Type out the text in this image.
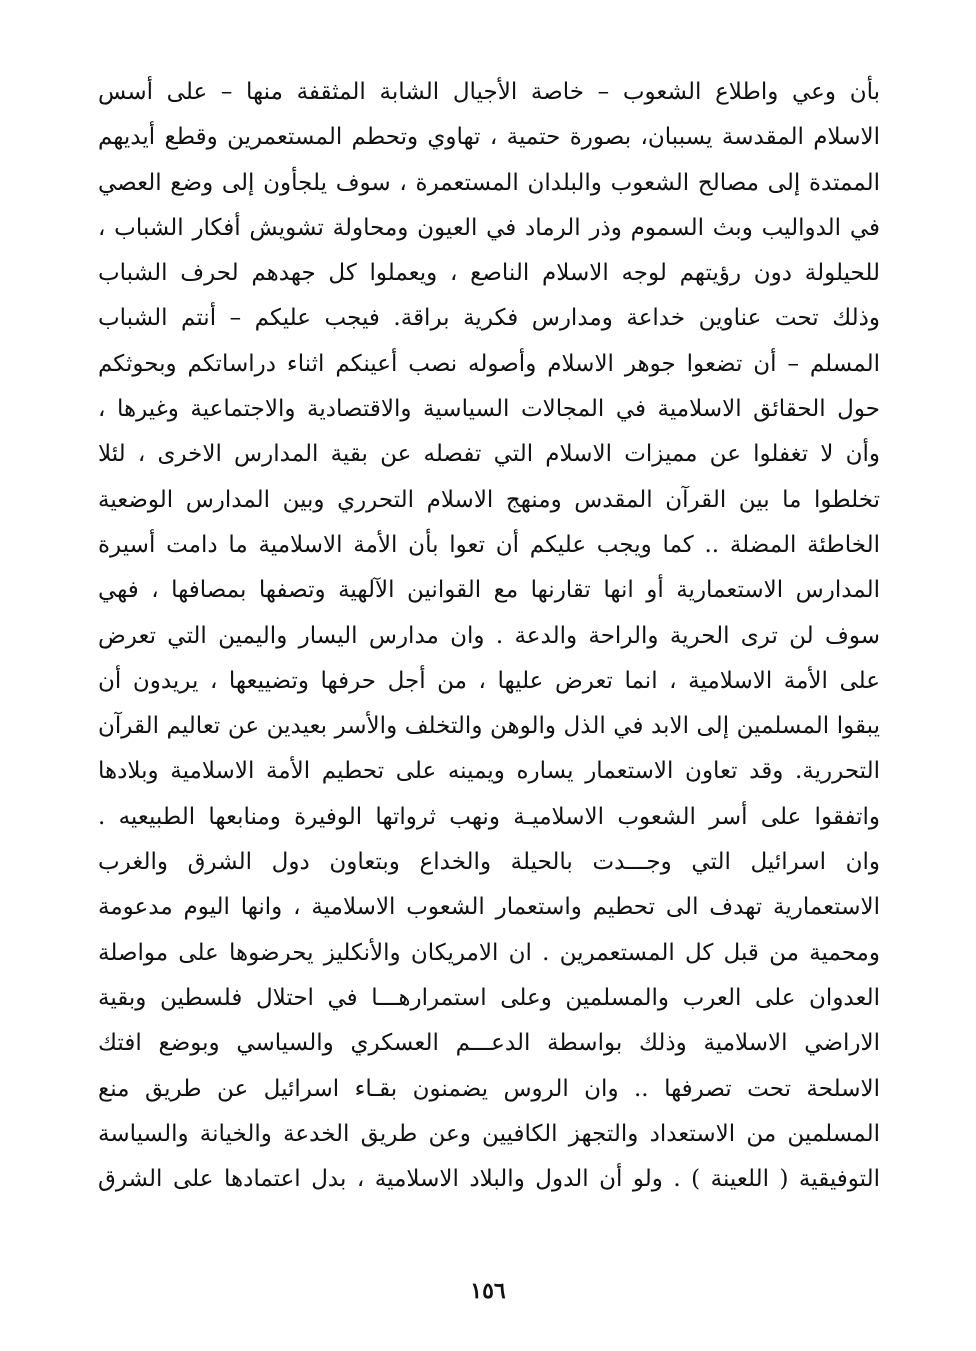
بأن وعي واطلاع الشعوب – خاصة الأجيال الشابة المثقفة منها – على أسس
الاسلام المقدسة يسببان، بصورة حتمية ، تهاوي وتحطم المستعمرين وقطع أيديهم
الممتدة إلى مصالح الشعوب والبلدان المستعمرة ، سوف يلجأون إلى وضع العصي
في الدواليب وبث السموم وذر الرماد في العيون ومحاولة تشويش أفكار الشباب ،
للحيلولة دون رؤيتهم لوجه الاسلام الناصع ، ويعملوا كل جهدهم لحرف الشباب
وذلك تحت عناوين خداعة ومدارس فكرية براقة. فيجب عليكم – أنتم الشباب
المسلم – أن تضعوا جوهر الاسلام وأصوله نصب أعينكم اثناء دراساتكم وبحوثكم
حول الحقائق الاسلامية في المجالات السياسية والاقتصادية والاجتماعية وغيرها ،
وأن لا تغفلوا عن مميزات الاسلام التي تفصله عن بقية المدارس الاخرى ، لئلا
تخلطوا ما بين القرآن المقدس ومنهج الاسلام التحرري وبين المدارس الوضعية
الخاطئة المضلة .. كما ويجب عليكم أن تعوا بأن الأمة الاسلامية ما دامت أسيرة
المدارس الاستعمارية أو انها تقارنها مع القوانين الآلهية وتصفها بمصافها ، فهي
سوف لن ترى الحرية والراحة والدعة . وان مدارس اليسار واليمين التي تعرض
على الأمة الاسلامية ، انما تعرض عليها ، من أجل حرفها وتضييعها ، يريدون أن
يبقوا المسلمين إلى الابد في الذل والوهن والتخلف والأسر بعيدين عن تعاليم القرآن
التحررية. وقد تعاون الاستعمار يساره ويمينه على تحطيم الأمة الاسلامية وبلادها
واتفقوا على أسر الشعوب الاسلاميـة ونهب ثرواتها الوفيرة ومنابعها الطبيعيه .
وان اسرائيل التي وجـــدت بالحيلة والخداع وبتعاون دول الشرق والغرب
الاستعمارية تهدف الى تحطيم واستعمار الشعوب الاسلامية ، وانها اليوم مدعومة
ومحمية من قبل كل المستعمرين . ان الامريكان والأنكليز يحرضوها على مواصلة
العدوان على العرب والمسلمين وعلى استمرارهـــا في احتلال فلسطين وبقية
الاراضي الاسلامية وذلك بواسطة الدعـــم العسكري والسياسي وبوضع افتك
الاسلحة تحت تصرفها .. وان الروس يضمنون بقـاء اسرائيل عن طريق منع
المسلمين من الاستعداد والتجهز الكافيين وعن طريق الخدعة والخيانة والسياسة
التوفيقية ( اللعينة ) . ولو أن الدول والبلاد الاسلامية ، بدل اعتمادها على الشرق
١٥٦
